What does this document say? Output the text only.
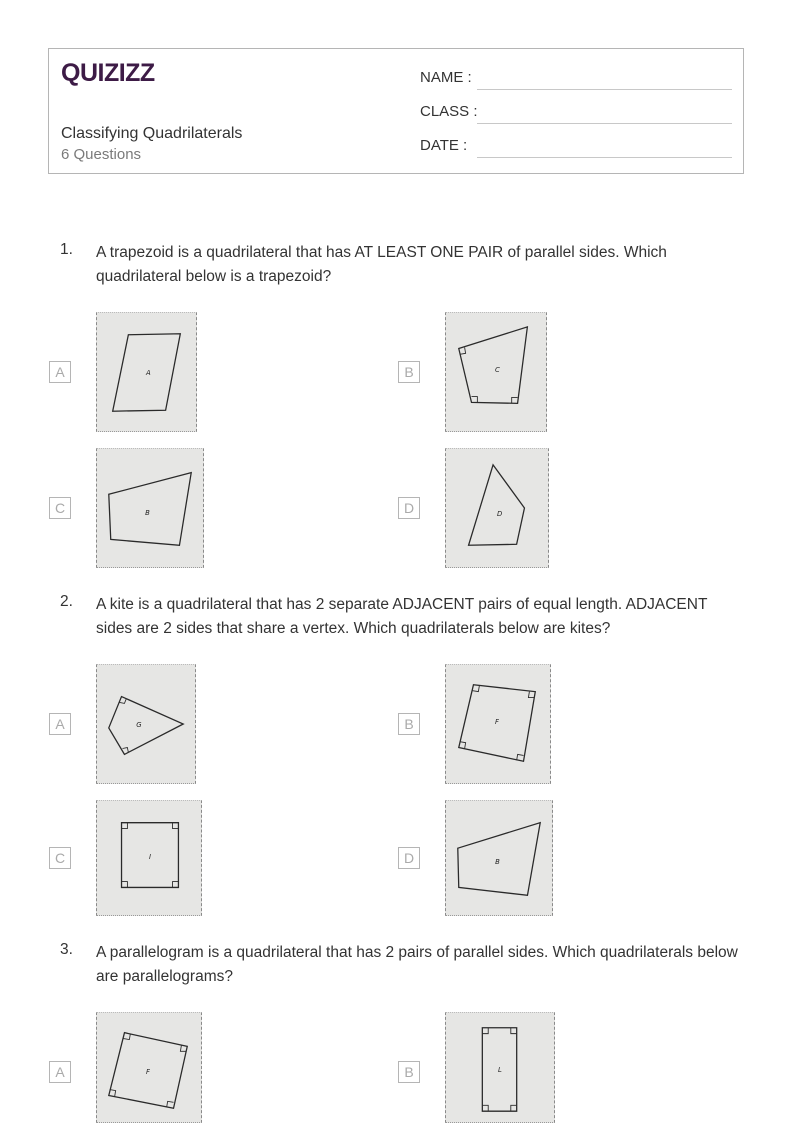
QUIZIZZ
Classifying Quadrilaterals
6 Questions
NAME :
CLASS :
DATE :
1. A trapezoid is a quadrilateral that has AT LEAST ONE PAIR of parallel sides. Which quadrilateral below is a trapezoid?
A	A	B	C
C	B	D	D
2. A kite is a quadrilateral that has 2 separate ADJACENT pairs of equal length. ADJACENT sides are 2 sides that share a vertex. Which quadrilaterals below are kites?
A	G	B	F
C	I	D	B
3. A parallelogram is a quadrilateral that has 2 pairs of parallel sides. Which quadrilaterals below are parallelograms?
A	F	B	L
